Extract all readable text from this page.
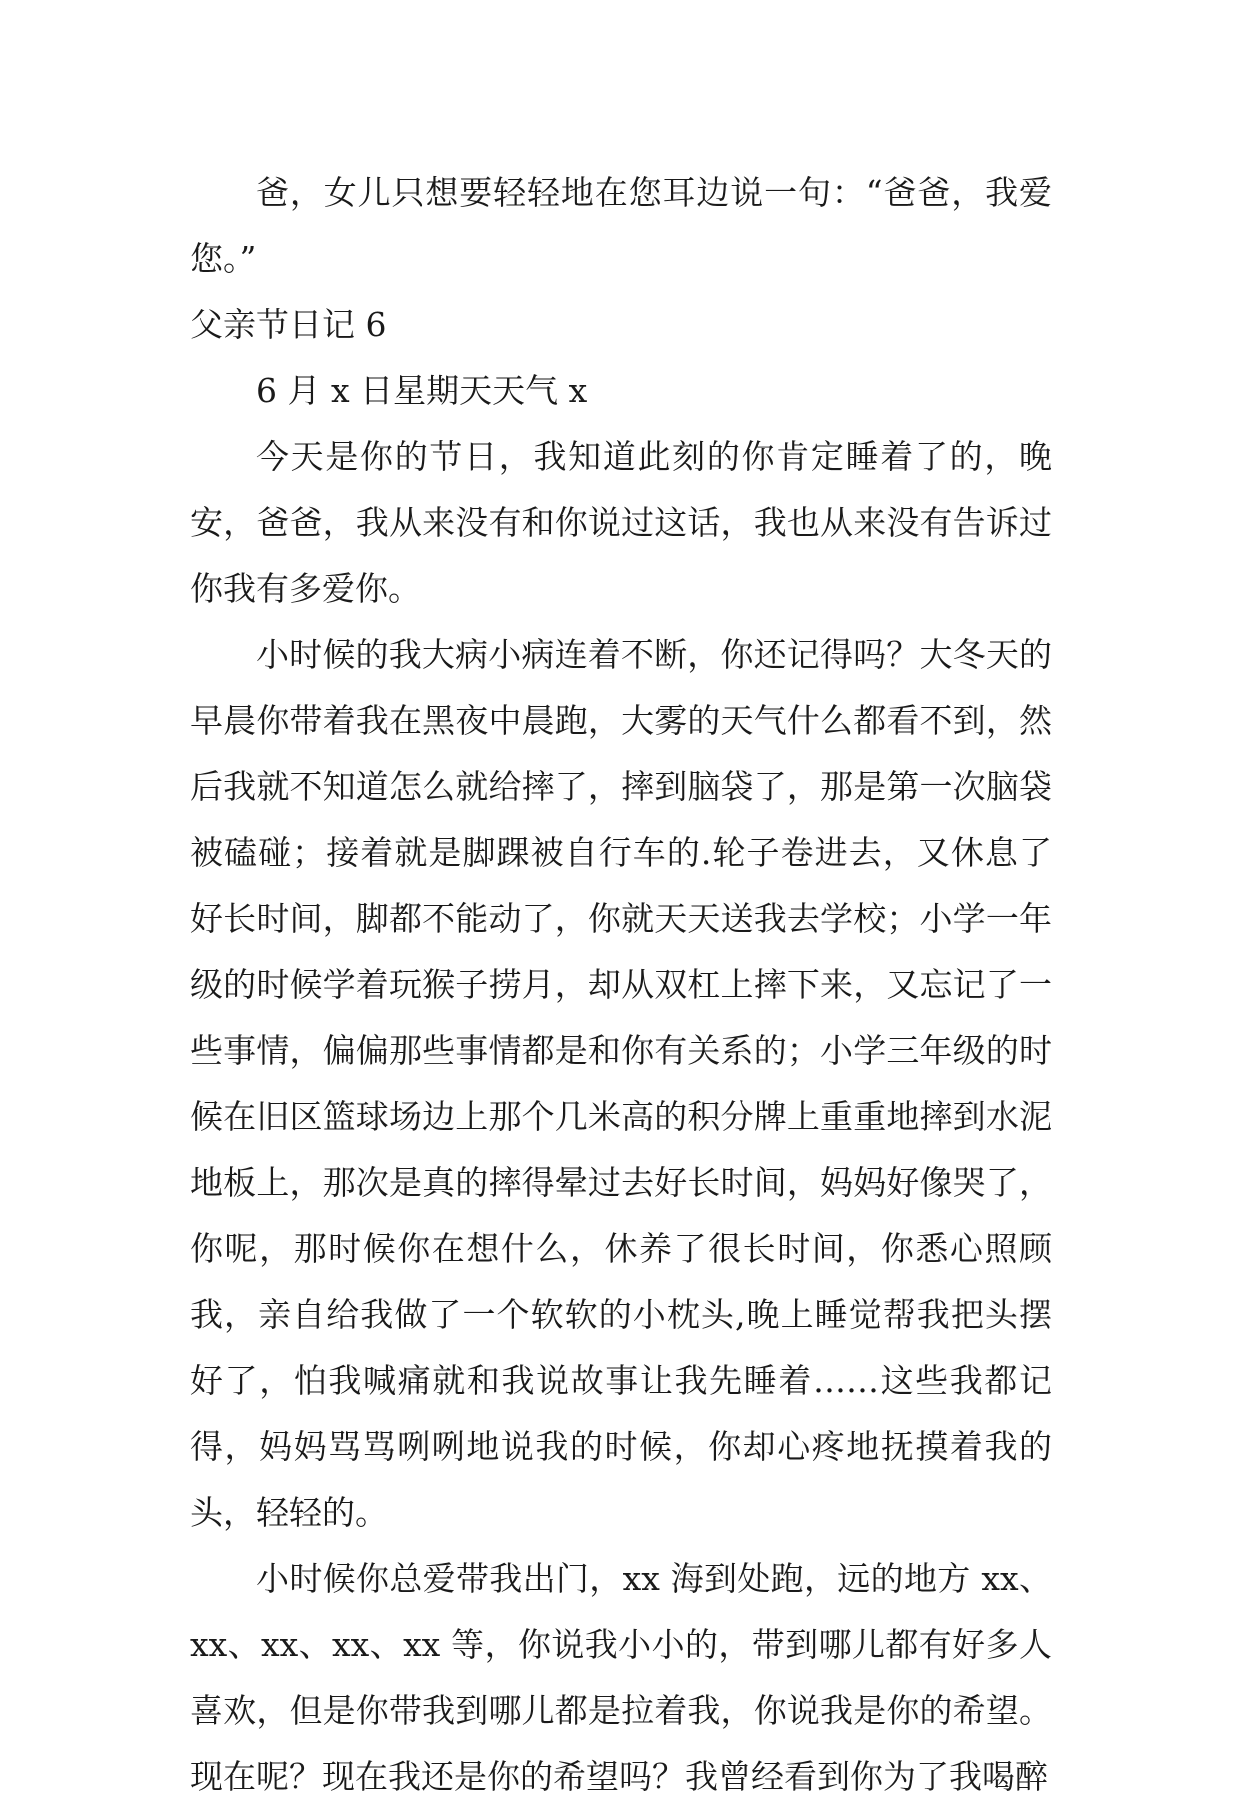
爸，女儿只想要轻轻地在您耳边说一句：“爸爸，我爱您。”

父亲节日记 6

6 月 x 日星期天天气 x

今天是你的节日，我知道此刻的你肯定睡着了的，晚安，爸爸，我从来没有和你说过这话，我也从来没有告诉过你我有多爱你。

小时候的我大病小病连着不断，你还记得吗？大冬天的早晨你带着我在黑夜中晨跑，大雾的天气什么都看不到，然后我就不知道怎么就给摔了，摔到脑袋了，那是第一次脑袋被磕碰；接着就是脚踝被自行车的.轮子卷进去，又休息了好长时间，脚都不能动了，你就天天送我去学校；小学一年级的时候学着玩猴子捞月，却从双杠上摔下来，又忘记了一些事情，偏偏那些事情都是和你有关系的；小学三年级的时候在旧区篮球场边上那个几米高的积分牌上重重地摔到水泥地板上，那次是真的摔得晕过去好长时间，妈妈好像哭了，你呢，那时候你在想什么，休养了很长时间，你悉心照顾我，亲自给我做了一个软软的小枕头,晚上睡觉帮我把头摆好了，怕我喊痛就和我说故事让我先睡着……这些我都记得，妈妈骂骂咧咧地说我的时候，你却心疼地抚摸着我的头，轻轻的。

小时候你总爱带我出门，xx 海到处跑，远的地方 xx、xx、xx、xx、xx 等，你说我小小的，带到哪儿都有好多人喜欢，但是你带我到哪儿都是拉着我，你说我是你的希望。现在呢？现在我还是你的希望吗？我曾经看到你为了我喝醉
